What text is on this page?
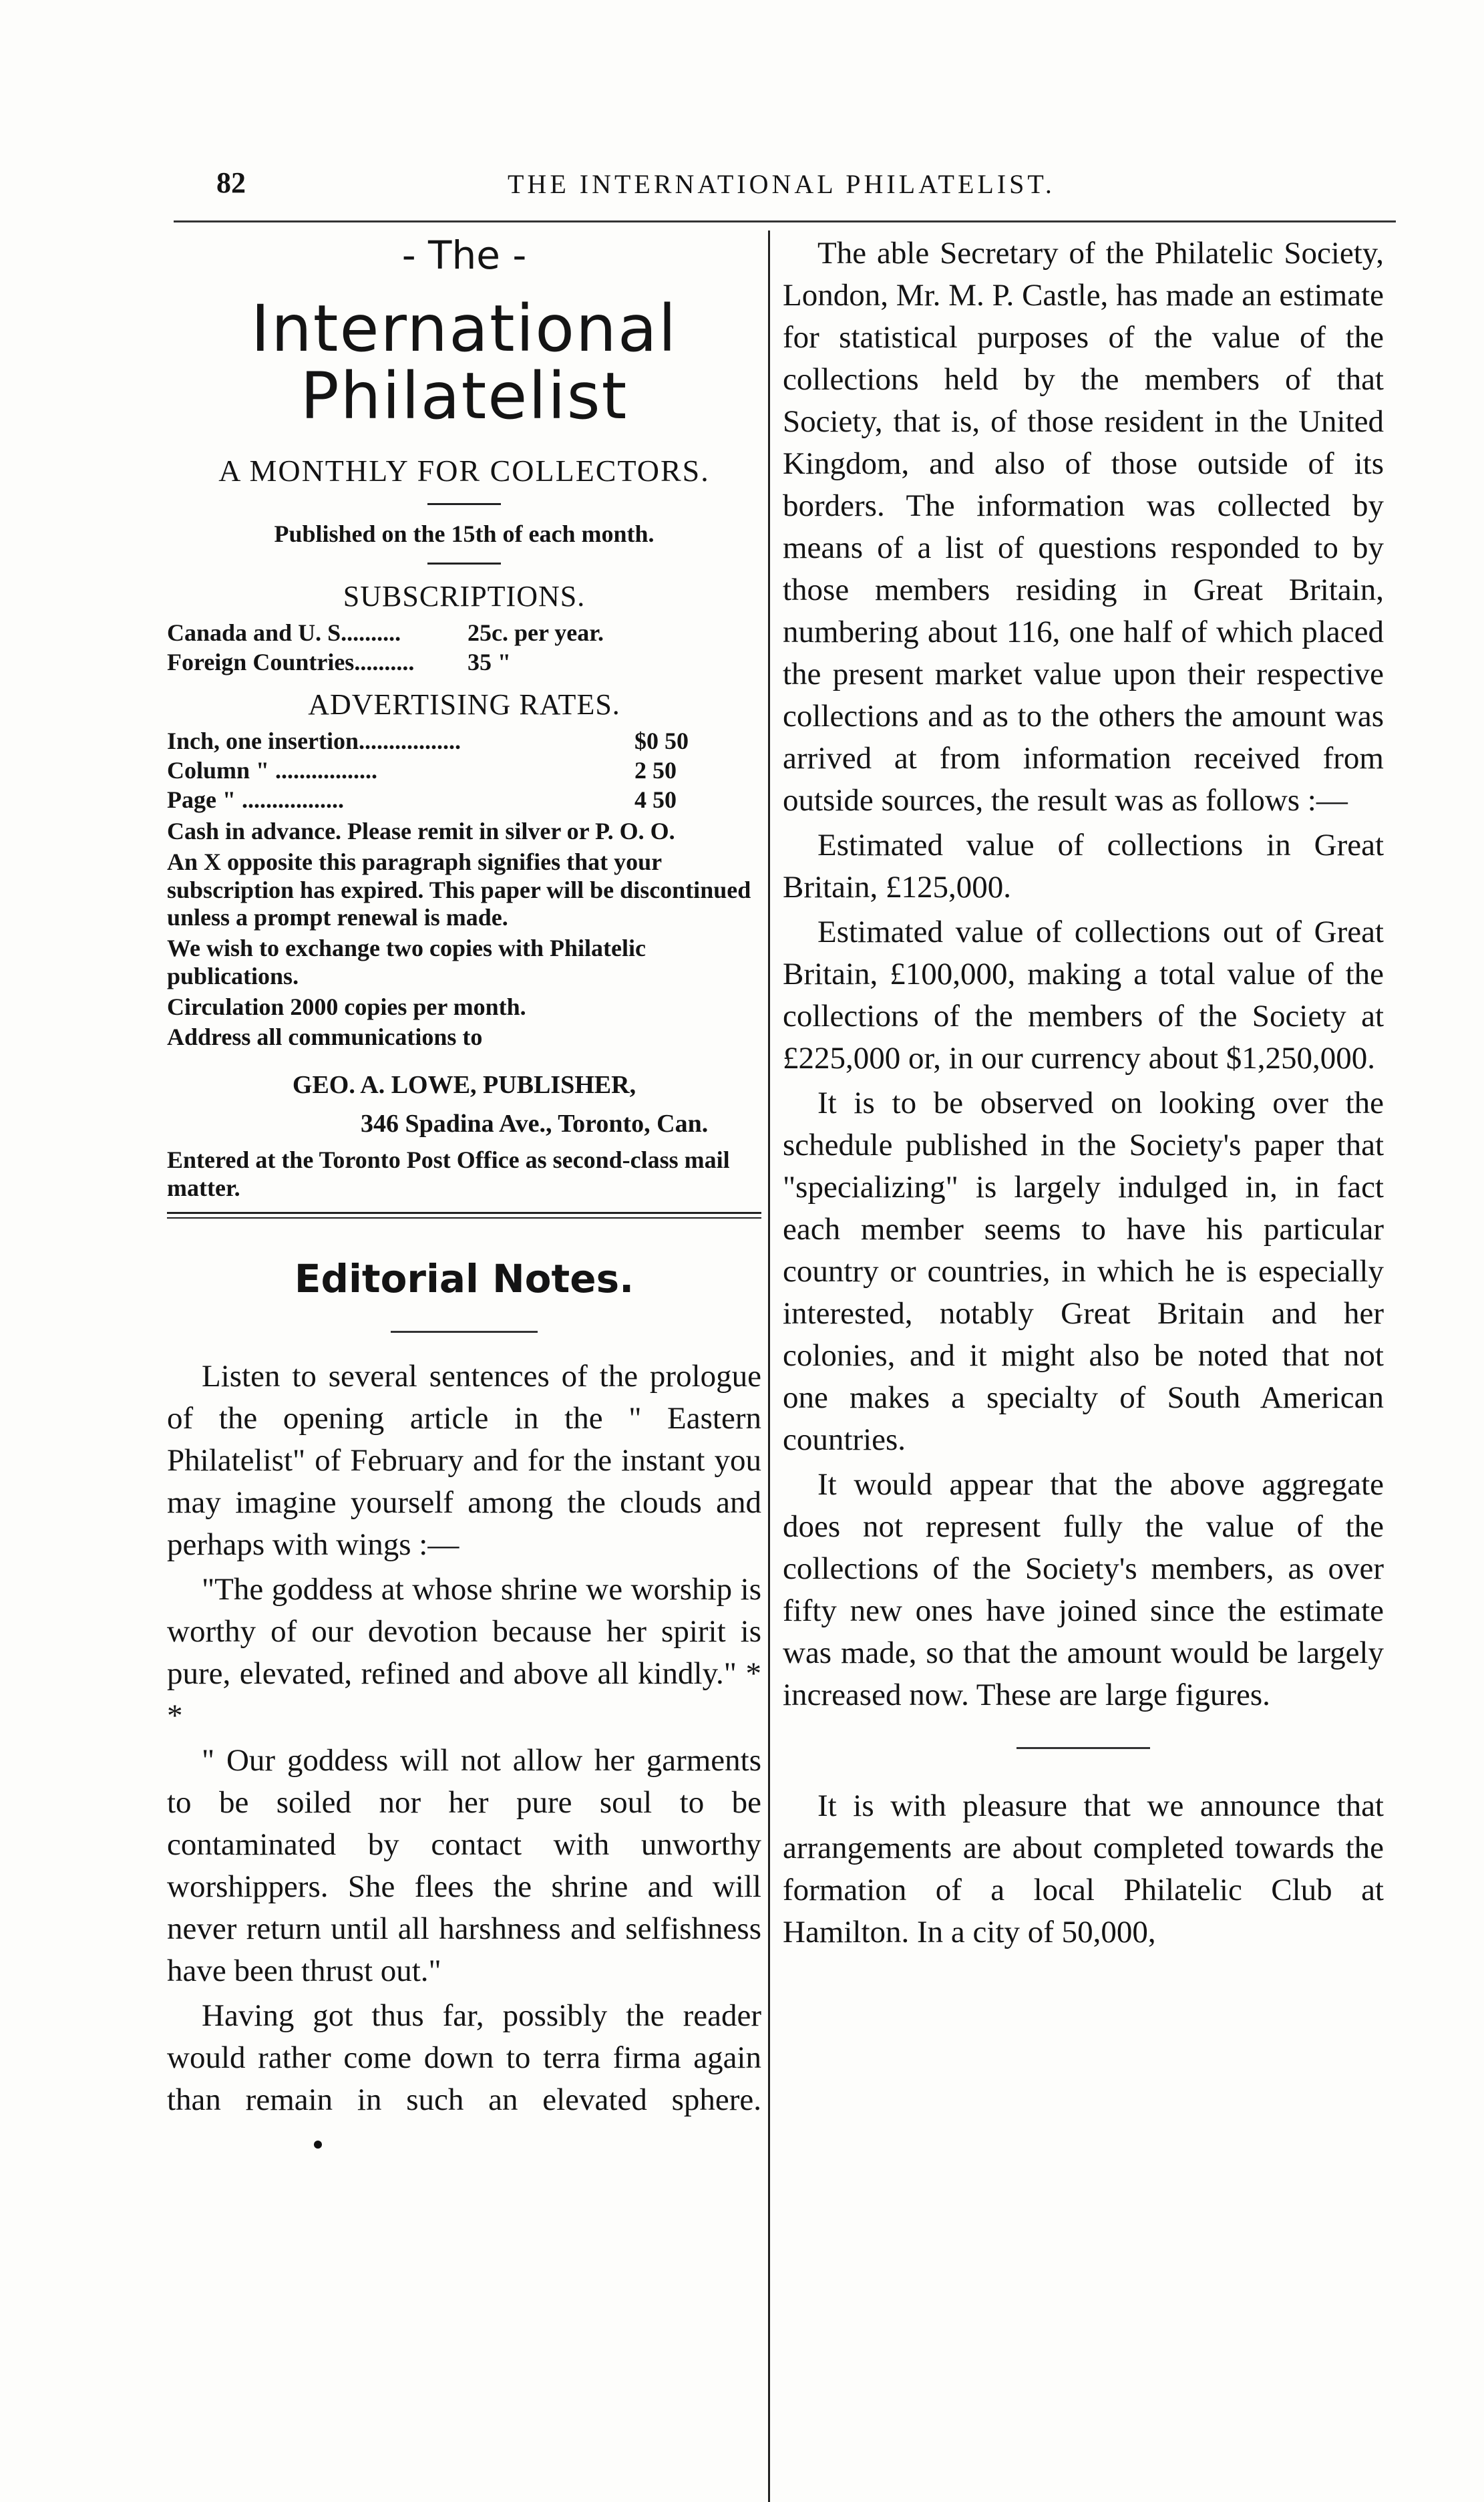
82	THE INTERNATIONAL PHILATELIST.
- The -
International Philatelist
A MONTHLY FOR COLLECTORS.
Published on the 15th of each month.
SUBSCRIPTIONS.
Canada and U. S..........	25c. per year.
Foreign Countries..........	35 "
ADVERTISING RATES.
Inch, one insertion.................	$0 50
Column " .................	2 50
Page " .................	4 50

Cash in advance. Please remit in silver or P. O. O.

An X opposite this paragraph signifies that your subscription has expired. This paper will be discontinued unless a prompt renewal is made.

We wish to exchange two copies with Philatelic publications.

Circulation 2000 copies per month.

Address all communications to

GEO. A. LOWE, PUBLISHER,
346 Spadina Ave., Toronto, Can.
Entered at the Toronto Post Office as second-class mail matter.
Editorial Notes.

Listen to several sentences of the prologue of the opening article in the " Eastern Philatelist" of February and for the instant you may imagine yourself among the clouds and perhaps with wings :—

"The goddess at whose shrine we worship is worthy of our devotion because her spirit is pure, elevated, refined and above all kindly." * *

" Our goddess will not allow her garments to be soiled nor her pure soul to be contaminated by contact with unworthy worshippers. She flees the shrine and will never return until all harshness and selfishness have been thrust out."

Having got thus far, possibly the reader would rather come down to terra firma again than remain in such an elevated sphere.

The able Secretary of the Philatelic Society, London, Mr. M. P. Castle, has made an estimate for statistical purposes of the value of the collections held by the members of that Society, that is, of those resident in the United Kingdom, and also of those outside of its borders. The information was collected by means of a list of questions responded to by those members residing in Great Britain, numbering about 116, one half of which placed the present market value upon their respective collections and as to the others the amount was arrived at from information received from outside sources, the result was as follows :—

Estimated value of collections in Great Britain, £125,000.

Estimated value of collections out of Great Britain, £100,000, making a total value of the collections of the members of the Society at £225,000 or, in our currency about $1,250,000.

It is to be observed on looking over the schedule published in the Society's paper that "specializing" is largely indulged in, in fact each member seems to have his particular country or countries, in which he is especially interested, notably Great Britain and her colonies, and it might also be noted that not one makes a specialty of South American countries.

It would appear that the above aggregate does not represent fully the value of the collections of the Society's members, as over fifty new ones have joined since the estimate was made, so that the amount would be largely increased now. These are large figures.

It is with pleasure that we announce that arrangements are about completed towards the formation of a local Philatelic Club at Hamilton. In a city of 50,000,
